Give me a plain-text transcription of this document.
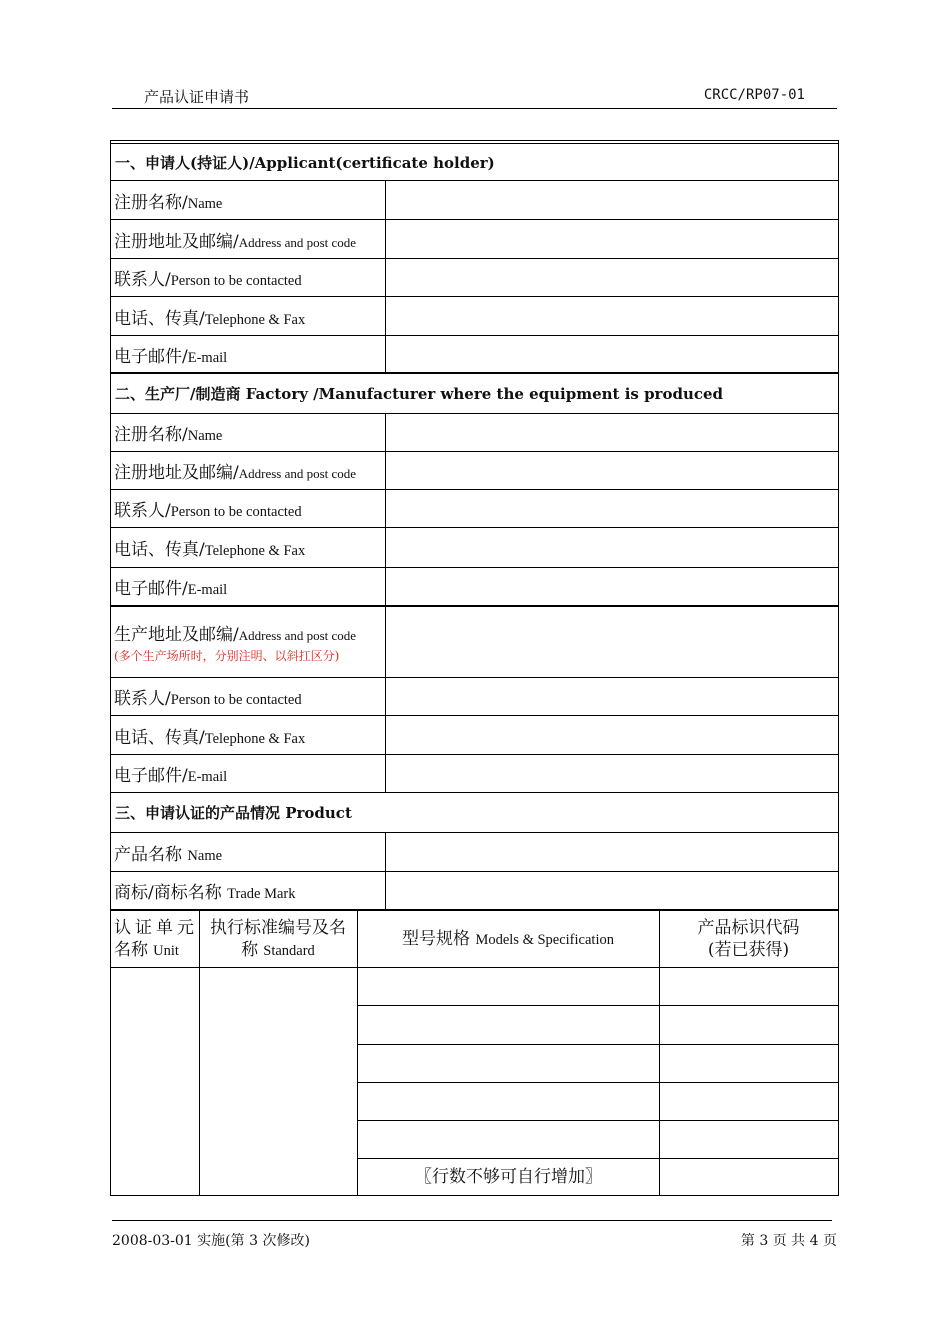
产品认证申请书	CRCC/RP07-01
一、申请人(持证人)/Applicant(certificate holder)
注册名称/Name
注册地址及邮编/Address and post code
联系人/Person to be contacted
电话、传真/Telephone & Fax
电子邮件/E-mail
二、生产厂/制造商 Factory /Manufacturer where the equipment is produced
注册名称/Name
注册地址及邮编/Address and post code
联系人/Person to be contacted
电话、传真/Telephone & Fax
电子邮件/E-mail
生产地址及邮编/Address and post code
(多个生产场所时，分别注明、以斜扛区分)
联系人/Person to be contacted
电话、传真/Telephone & Fax
电子邮件/E-mail
三、申请认证的产品情况 Product
产品名称 Name
商标/商标名称 Trade Mark
认证单元
名称 Unit
执行标准编号及名
称 Standard
型号规格 Models & Specification
产品标识代码
(若已获得)
〖行数不够可自行增加〗
2008-03-01 实施(第 3 次修改)	第 3 页 共 4 页
